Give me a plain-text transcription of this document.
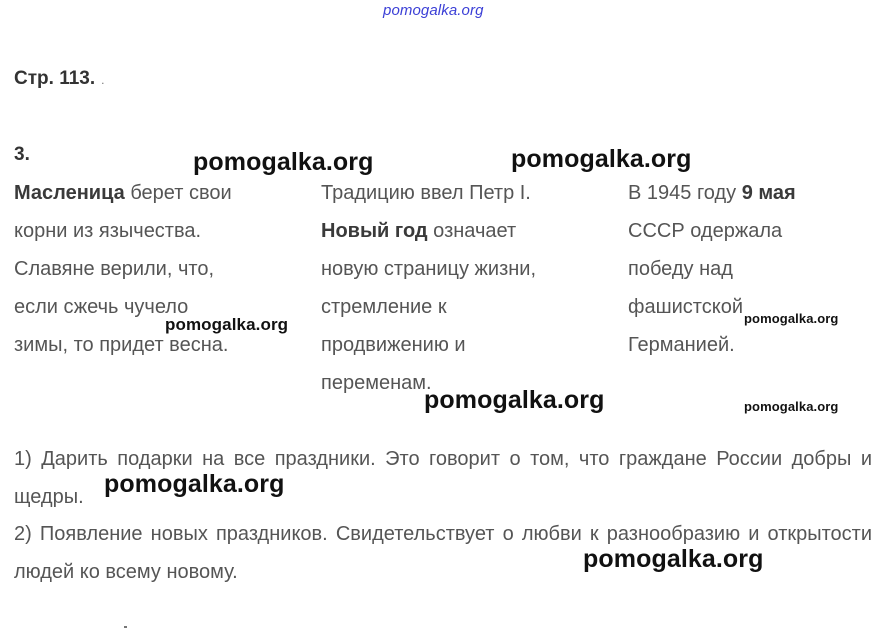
pomogalka.org
Стр. 113. .
3.
Масленица берет свои
корни из язычества.
Славяне верили, что,
если сжечь чучело
зимы, то придет весна.
Традицию ввел Петр I.
Новый год означает
новую страницу жизни,
стремление к
продвижению и
переменам.
В 1945 году 9 мая
СССР одержала
победу над
фашистской
Германией.
1) Дарить подарки на все праздники. Это говорит о том, что граждане России добры и щедры.
2) Появление новых праздников. Свидетельствует о любви к разнообразию и открытости людей ко всему новому.
pomogalka.org	pomogalka.org
pomogalka.org	pomogalka.org
pomogalka.org	pomogalka.org
pomogalka.org
pomogalka.org
